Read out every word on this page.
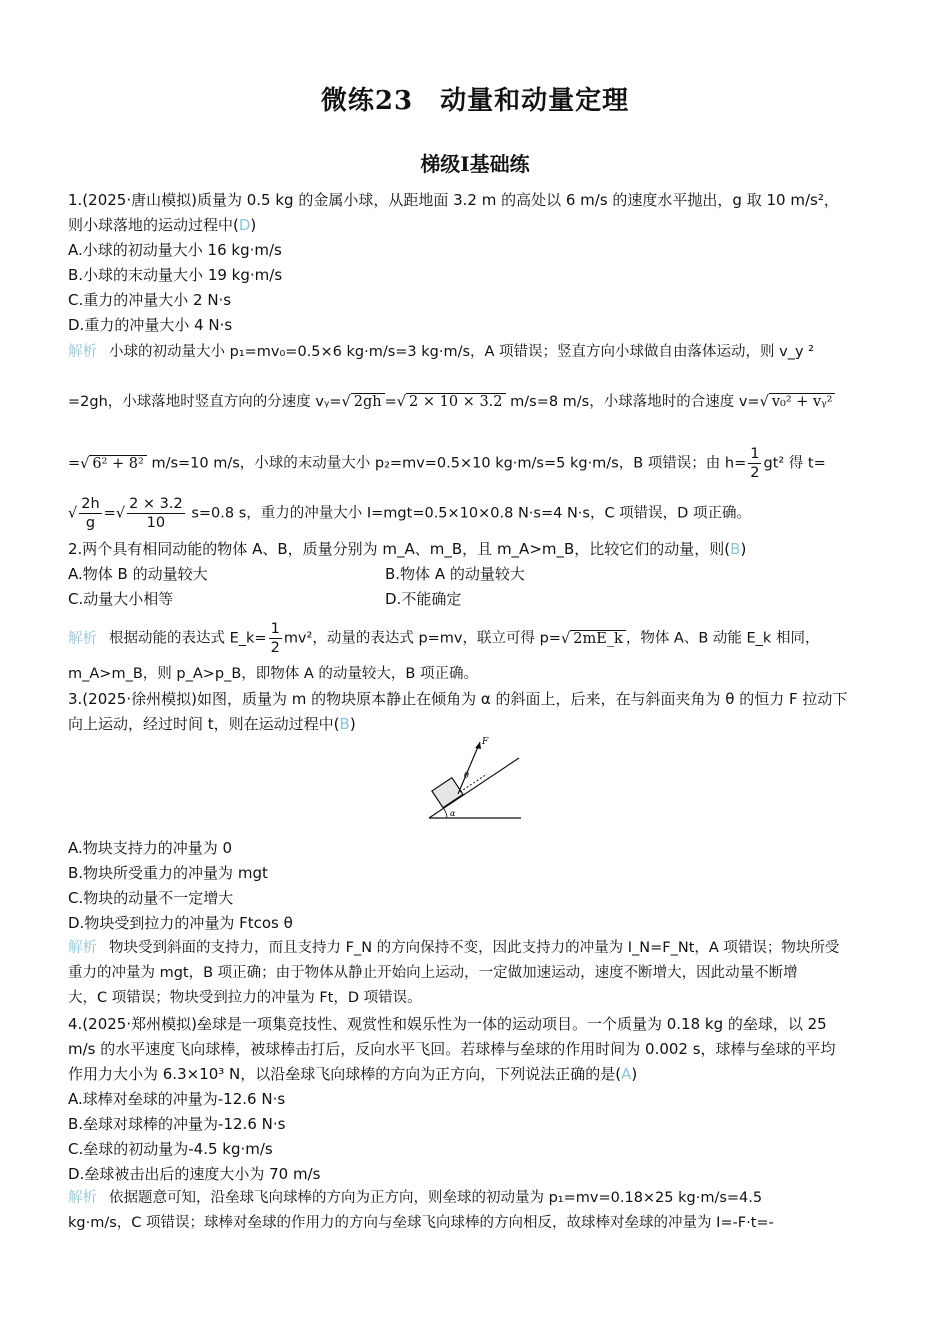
微练23　动量和动量定理
梯级Ⅰ基础练
1.(2025·唐山模拟)质量为 0.5 kg 的金属小球，从距地面 3.2 m 的高处以 6 m/s 的速度水平抛出，g 取 10 m/s²，
则小球落地的运动过程中(D)
A.小球的初动量大小 16 kg·m/s
B.小球的末动量大小 19 kg·m/s
C.重力的冲量大小 2 N·s
D.重力的冲量大小 4 N·s
解析 小球的初动量大小 p₁=mv₀=0.5×6 kg·m/s=3 kg·m/s，A 项错误；竖直方向小球做自由落体运动，则 v_y ²
=2gh，小球落地时竖直方向的分速度 vᵧ=√ 2gh =√ 2 × 10 × 3.2 m/s=8 m/s，小球落地时的合速度 v=√ v₀² + vᵧ²
=√ 6² + 8² m/s=10 m/s，小球的末动量大小 p₂=mv=0.5×10 kg·m/s=5 kg·m/s，B 项错误；由 $h= \frac{1}{2} gt^2$ 得 t=
√ $\frac{2h}{g}$ =√ $\frac{2 \times 3.2}{10} s=0.8$ s，重力的冲量大小 I=mgt=0.5×10×0.8 N·s=4 N·s，C 项错误，D 项正确。
2.两个具有相同动能的物体 A、B，质量分别为 m_A、m_B，且 m_A>m_B，比较它们的动量，则(B)
A.物体 B 的动量较大	B.物体 A 的动量较大
C.动量大小相等	D.不能确定
解析 根据动能的表达式 E_k= $\frac{1}{2} mv^2$，动量的表达式 p=mv，联立可得 p=√ 2mE_k ，物体 A、B 动能 E_k 相同，
m_A>m_B，则 p_A>p_B，即物体 A 的动量较大，B 项正确。
3.(2025·徐州模拟)如图，质量为 m 的物块原本静止在倾角为 α 的斜面上，后来，在与斜面夹角为 θ 的恒力 F 拉动下
向上运动，经过时间 t，则在运动过程中(B)
F
θ
α
A.物块支持力的冲量为 0
B.物块所受重力的冲量为 mgt
C.物块的动量不一定增大
D.物块受到拉力的冲量为 Ftcos θ
解析 物块受到斜面的支持力，而且支持力 F_N 的方向保持不变，因此支持力的冲量为 I_N=F_Nt，A 项错误；物块所受
重力的冲量为 mgt，B 项正确；由于物体从静止开始向上运动，一定做加速运动，速度不断增大，因此动量不断增
大，C 项错误；物块受到拉力的冲量为 Ft，D 项错误。
4.(2025·郑州模拟)垒球是一项集竞技性、观赏性和娱乐性为一体的运动项目。一个质量为 0.18 kg 的垒球，以 25
m/s 的水平速度飞向球棒，被球棒击打后，反向水平飞回。若球棒与垒球的作用时间为 0.002 s，球棒与垒球的平均
作用力大小为 6.3×10³ N，以沿垒球飞向球棒的方向为正方向，下列说法正确的是(A)
A.球棒对垒球的冲量为-12.6 N·s
B.垒球对球棒的冲量为-12.6 N·s
C.垒球的初动量为-4.5 kg·m/s
D.垒球被击出后的速度大小为 70 m/s
解析 依据题意可知，沿垒球飞向球棒的方向为正方向，则垒球的初动量为 p₁=mv=0.18×25 kg·m/s=4.5
kg·m/s，C 项错误；球棒对垒球的作用力的方向与垒球飞向球棒的方向相反，故球棒对垒球的冲量为 I=-F·t=-
